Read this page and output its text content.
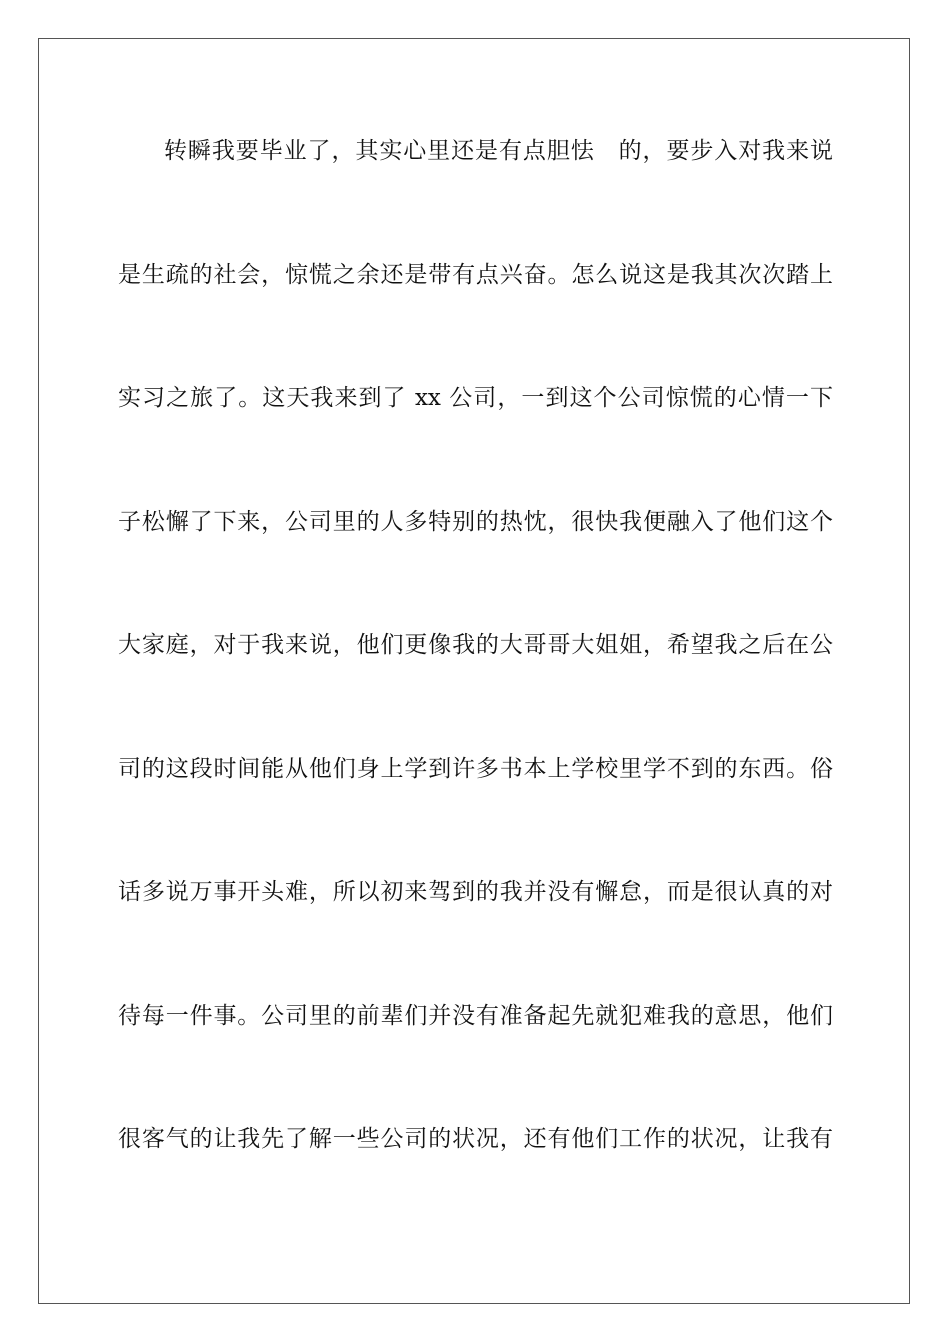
转瞬我要毕业了，其实心里还是有点胆怯　的，要步入对我来说
是生疏的社会，惊慌之余还是带有点兴奋。怎么说这是我其次次踏上
实习之旅了。这天我来到了 xx 公司，一到这个公司惊慌的心情一下
子松懈了下来，公司里的人多特别的热忱，很快我便融入了他们这个
大家庭，对于我来说，他们更像我的大哥哥大姐姐，希望我之后在公
司的这段时间能从他们身上学到许多书本上学校里学不到的东西。俗
话多说万事开头难，所以初来驾到的我并没有懈怠，而是很认真的对
待每一件事。公司里的前辈们并没有准备起先就犯难我的意思，他们
很客气的让我先了解一些公司的状况，还有他们工作的状况，让我有
